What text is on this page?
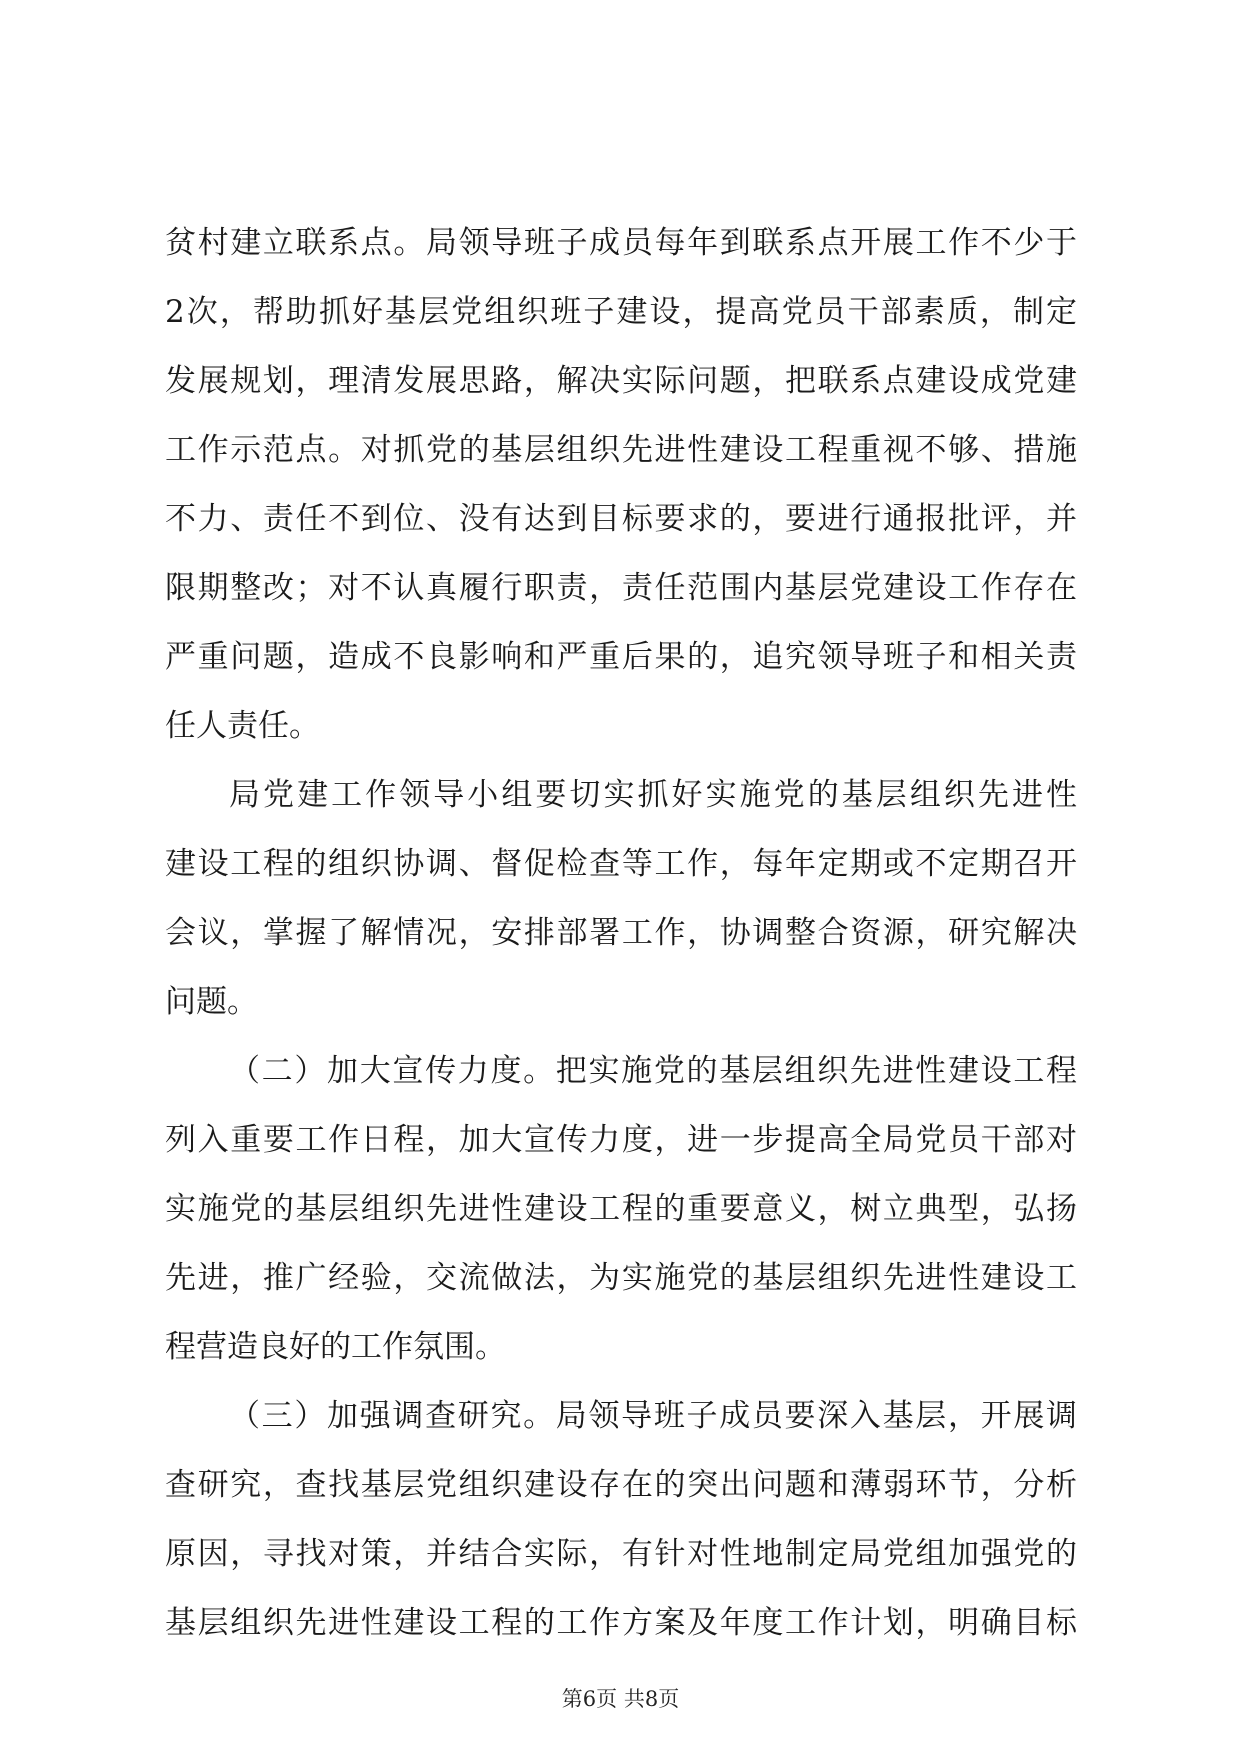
贫村建立联系点。局领导班子成员每年到联系点开展工作不少于
2次，帮助抓好基层党组织班子建设，提高党员干部素质，制定
发展规划，理清发展思路，解决实际问题，把联系点建设成党建
工作示范点。对抓党的基层组织先进性建设工程重视不够、措施
不力、责任不到位、没有达到目标要求的，要进行通报批评，并
限期整改；对不认真履行职责，责任范围内基层党建设工作存在
严重问题，造成不良影响和严重后果的，追究领导班子和相关责
任人责任。
局党建工作领导小组要切实抓好实施党的基层组织先进性
建设工程的组织协调、督促检查等工作，每年定期或不定期召开
会议，掌握了解情况，安排部署工作，协调整合资源，研究解决
问题。
（二）加大宣传力度。把实施党的基层组织先进性建设工程
列入重要工作日程，加大宣传力度，进一步提高全局党员干部对
实施党的基层组织先进性建设工程的重要意义，树立典型，弘扬
先进，推广经验，交流做法，为实施党的基层组织先进性建设工
程营造良好的工作氛围。
（三）加强调查研究。局领导班子成员要深入基层，开展调
查研究，查找基层党组织建设存在的突出问题和薄弱环节，分析
原因，寻找对策，并结合实际，有针对性地制定局党组加强党的
基层组织先进性建设工程的工作方案及年度工作计划，明确目标
第6页 共8页
